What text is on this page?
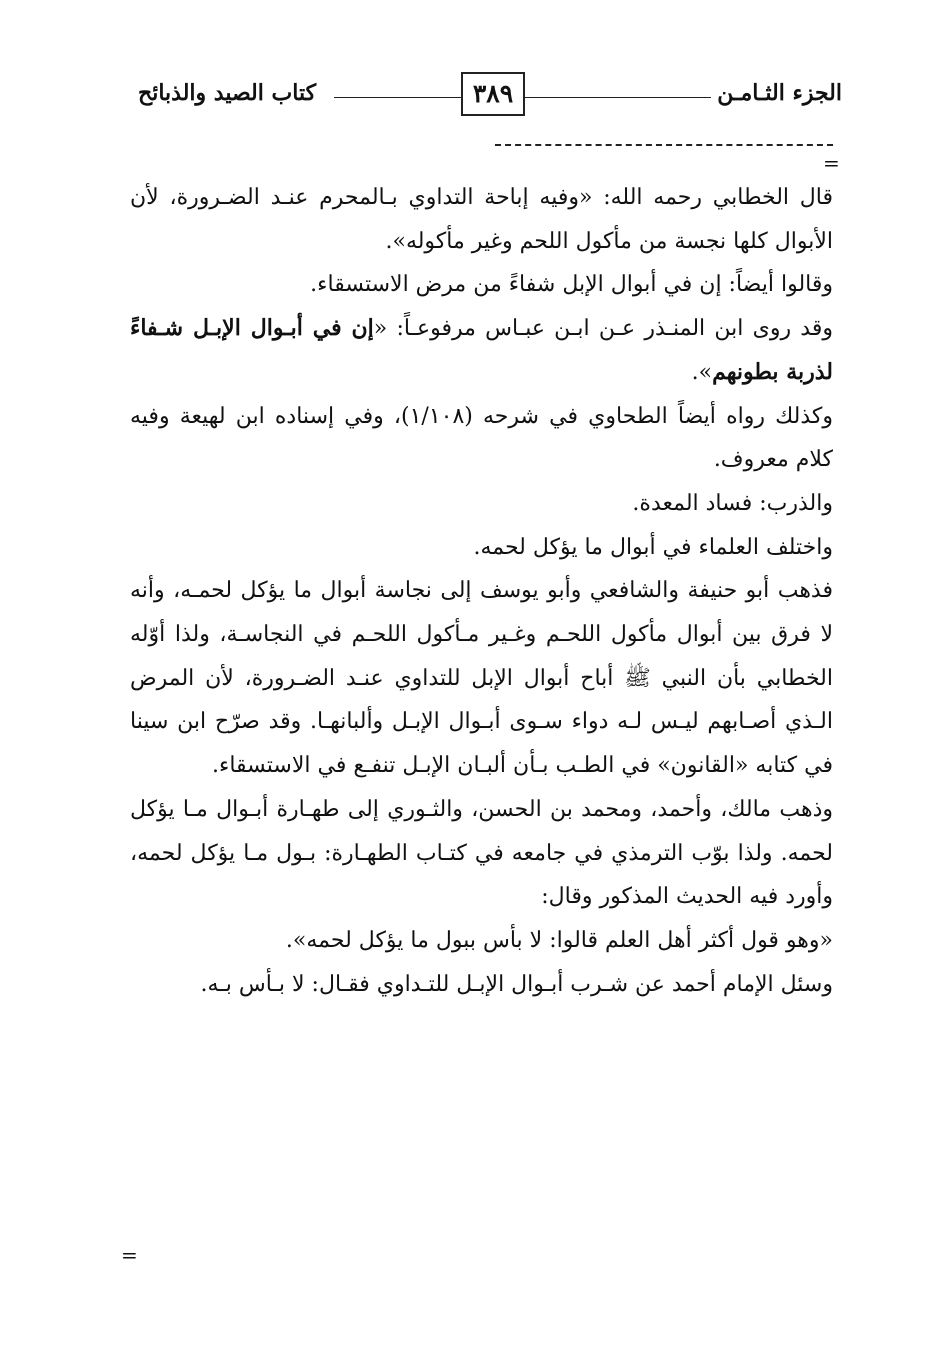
كتاب الصيد والذبائح	٣٨٩	الجزء الثـامـن
=

قال الخطابي رحمه الله: «وفيه إباحة التداوي بـالمحرم عنـد الضـرورة، لأن الأبوال كلها نجسة من مأكول اللحم وغير مأكوله».

وقالوا أيضاً: إن في أبوال الإبل شفاءً من مرض الاستسقاء.

وقد روى ابن المنـذر عـن ابـن عبـاس مرفوعـاً: «إن في أبـوال الإبـل شـفاءً لذربة بطونهم».

وكذلك رواه أيضاً الطحاوي في شرحه (١/١٠٨)، وفي إسناده ابن لهيعة وفيه كلام معروف.

والذرب: فساد المعدة.

واختلف العلماء في أبوال ما يؤكل لحمه.

فذهب أبو حنيفة والشافعي وأبو يوسف إلى نجاسة أبوال ما يؤكل لحمـه، وأنه لا فرق بين أبوال مأكول اللحـم وغـير مـأكول اللحـم في النجاسـة، ولذا أوّله الخطابي بأن النبي ﷺ أباح أبوال الإبل للتداوي عنـد الضـرورة، لأن المرض الـذي أصـابهم ليـس لـه دواء سـوى أبـوال الإبـل وألبانهـا. وقد صرّح ابن سينا في كتابه «القانون» في الطـب بـأن ألبـان الإبـل تنفـع في الاستسقاء.

وذهب مالك، وأحمد، ومحمد بن الحسن، والثـوري إلى طهـارة أبـوال مـا يؤكل لحمه. ولذا بوّب الترمذي في جامعه في كتـاب الطهـارة: بـول مـا يؤكل لحمه، وأورد فيه الحديث المذكور وقال:

«وهو قول أكثر أهل العلم قالوا: لا بأس ببول ما يؤكل لحمه».

وسئل الإمام أحمد عن شـرب أبـوال الإبـل للتـداوي فقـال: لا بـأس بـه.

=
